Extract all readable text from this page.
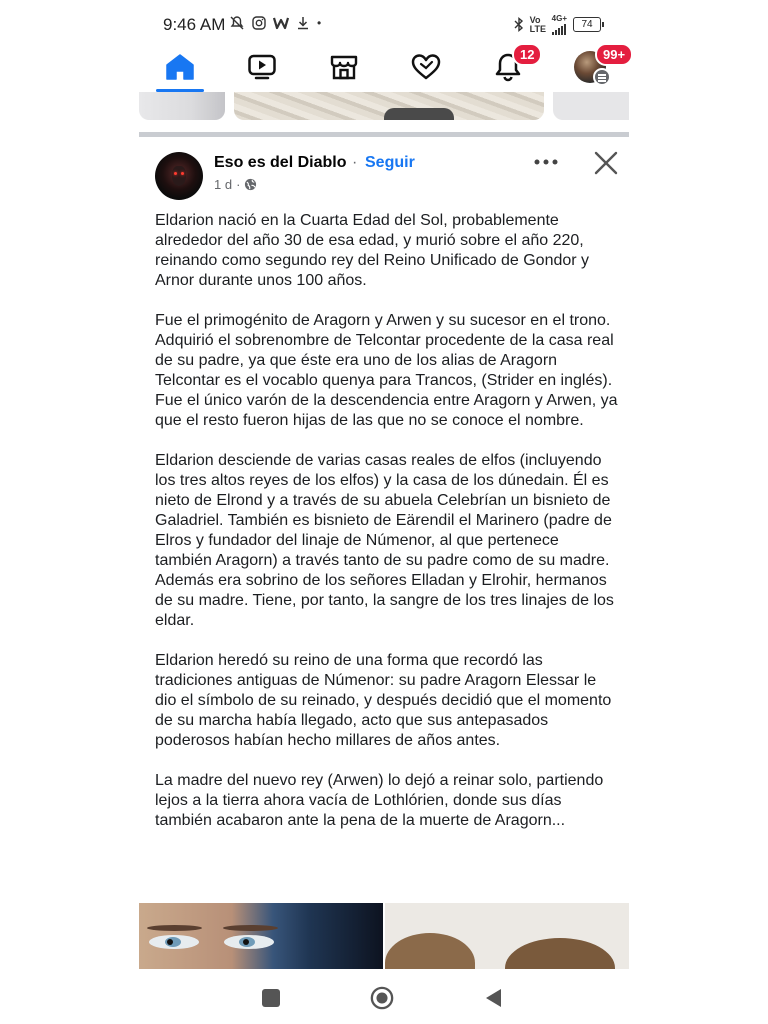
9:46 AM	•	Vo LTE
4G+
74
12	99+
Eso es del Diablo · Seguir
1 d ·

Eldarion nació en la Cuarta Edad del Sol, probablemente alrededor del año 30 de esa edad, y murió sobre el año 220, reinando como segundo rey del Reino Unificado de Gondor y Arnor durante unos 100 años.

Fue el primogénito de Aragorn y Arwen y su sucesor en el trono. Adquirió el sobrenombre de Telcontar procedente de la casa real de su padre, ya que éste era uno de los alias de Aragorn Telcontar es el vocablo quenya para Trancos, (Strider en inglés). Fue el único varón de la descendencia entre Aragorn y Arwen, ya que el resto fueron hijas de las que no se conoce el nombre.

Eldarion desciende de varias casas reales de elfos (incluyendo los tres altos reyes de los elfos) y la casa de los dúnedain. Él es nieto de Elrond y a través de su abuela Celebrían un bisnieto de Galadriel. También es bisnieto de Eärendil el Marinero (padre de Elros y fundador del linaje de Númenor, al que pertenece también Aragorn) a través tanto de su padre como de su madre. Además era sobrino de los señores Elladan y Elrohir, hermanos de su madre. Tiene, por tanto, la sangre de los tres linajes de los eldar.

Eldarion heredó su reino de una forma que recordó las tradiciones antiguas de Númenor: su padre Aragorn Elessar le dio el símbolo de su reinado, y después decidió que el momento de su marcha había llegado, acto que sus antepasados poderosos habían hecho millares de años antes.

La madre del nuevo rey (Arwen) lo dejó a reinar solo, partiendo lejos a la tierra ahora vacía de Lothlórien, donde sus días también acabaron ante la pena de la muerte de Aragorn...
